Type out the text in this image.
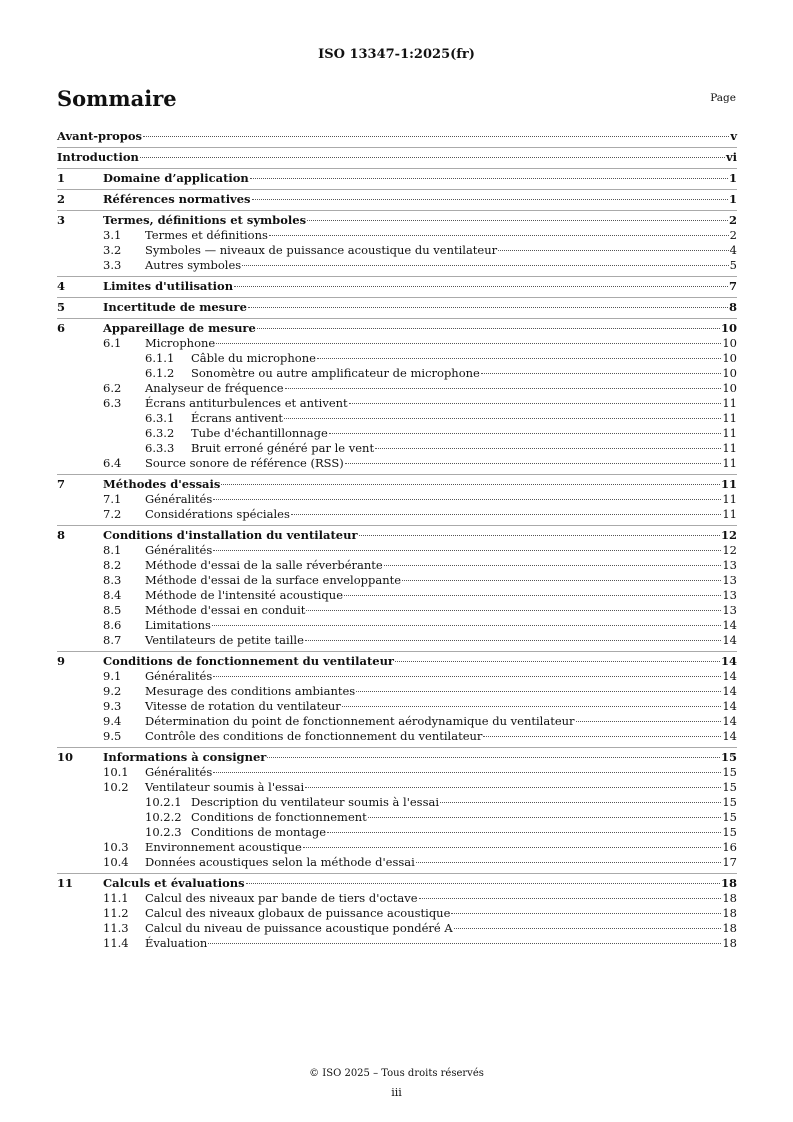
ISO 13347-1:2025(fr)
Sommaire	Page
Avant-propos	v
Introduction	vi
1	Domaine d’application	1
2	Références normatives	1
3	Termes, définitions et symboles	2
3.1	Termes et définitions	2
3.2	Symboles — niveaux de puissance acoustique du ventilateur	4
3.3	Autres symboles	5
4	Limites d'utilisation	7
5	Incertitude de mesure	8
6	Appareillage de mesure	10
6.1	Microphone	10
6.1.1	Câble du microphone	10
6.1.2	Sonomètre ou autre amplificateur de microphone	10
6.2	Analyseur de fréquence	10
6.3	Écrans antiturbulences et antivent	11
6.3.1	Écrans antivent	11
6.3.2	Tube d'échantillonnage	11
6.3.3	Bruit erroné généré par le vent	11
6.4	Source sonore de référence (RSS)	11
7	Méthodes d'essais	11
7.1	Généralités	11
7.2	Considérations spéciales	11
8	Conditions d'installation du ventilateur	12
8.1	Généralités	12
8.2	Méthode d'essai de la salle réverbérante	13
8.3	Méthode d'essai de la surface enveloppante	13
8.4	Méthode de l'intensité acoustique	13
8.5	Méthode d'essai en conduit	13
8.6	Limitations	14
8.7	Ventilateurs de petite taille	14
9	Conditions de fonctionnement du ventilateur	14
9.1	Généralités	14
9.2	Mesurage des conditions ambiantes	14
9.3	Vitesse de rotation du ventilateur	14
9.4	Détermination du point de fonctionnement aérodynamique du ventilateur	14
9.5	Contrôle des conditions de fonctionnement du ventilateur	14
10	Informations à consigner	15
10.1	Généralités	15
10.2	Ventilateur soumis à l'essai	15
10.2.1 Description du ventilateur soumis à l'essai	15
10.2.2 Conditions de fonctionnement	15
10.2.3 Conditions de montage	15
10.3	Environnement acoustique	16
10.4	Données acoustiques selon la méthode d'essai	17
11	Calculs et évaluations	18
11.1	Calcul des niveaux par bande de tiers d'octave	18
11.2	Calcul des niveaux globaux de puissance acoustique	18
11.3	Calcul du niveau de puissance acoustique pondéré A	18
11.4	Évaluation	18
© ISO 2025 – Tous droits réservés
iii
